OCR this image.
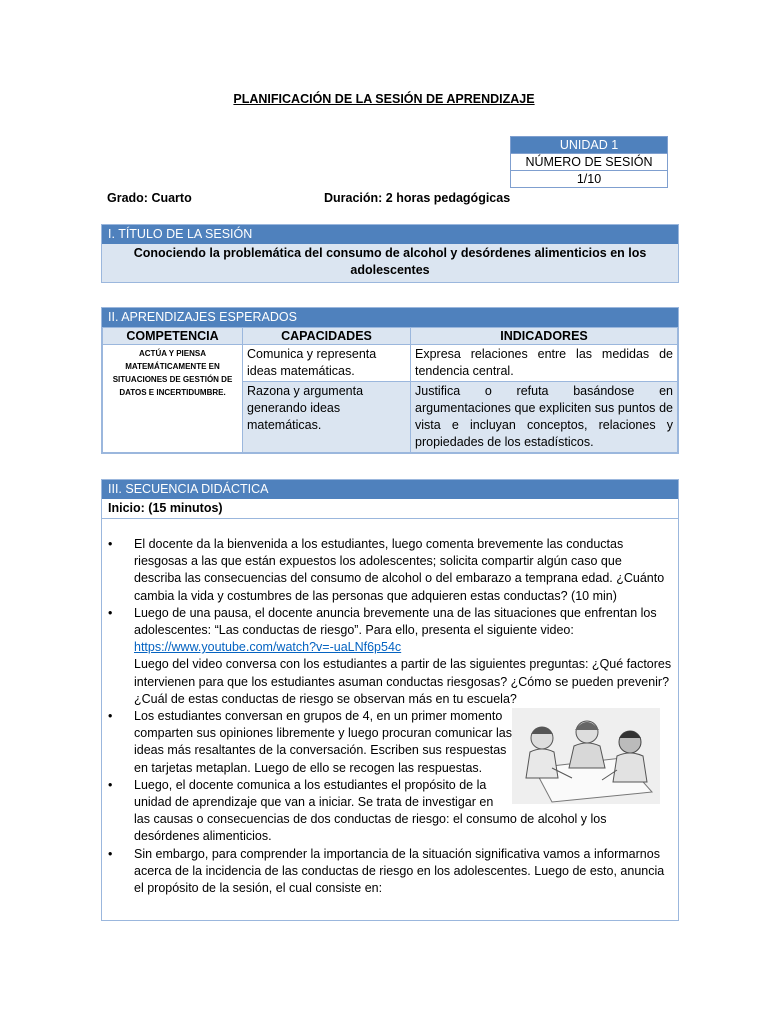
PLANIFICACIÓN DE LA SESIÓN DE APRENDIZAJE
UNIDAD 1
NÚMERO DE SESIÓN
1/10
Grado: Cuarto	Duración: 2 horas pedagógicas
I. TÍTULO DE LA SESIÓN
Conociendo la problemática del consumo de alcohol y desórdenes alimenticios en los adolescentes
II. APRENDIZAJES ESPERADOS
COMPETENCIA	CAPACIDADES	INDICADORES
ACTÚA Y PIENSA MATEMÁTICAMENTE EN SITUACIONES DE GESTIÓN DE DATOS E INCERTIDUMBRE.	Comunica y representa ideas matemáticas.	Expresa relaciones entre las medidas de tendencia central.
	Razona y argumenta generando ideas matemáticas.	Justifica o refuta basándose en argumentaciones que expliciten sus puntos de vista e incluyan conceptos, relaciones y propiedades de los estadísticos.
III. SECUENCIA DIDÁCTICA
Inicio: (15 minutos)
• El docente da la bienvenida a los estudiantes, luego comenta brevemente las conductas riesgosas a las que están expuestos los adolescentes; solicita compartir algún caso que describa las consecuencias del consumo de alcohol o del embarazo a temprana edad. ¿Cuánto cambia la vida y costumbres de las personas que adquieren estas conductas? (10 min)
• Luego de una pausa, el docente anuncia brevemente una de las situaciones que enfrentan los adolescentes: “Las conductas de riesgo”. Para ello, presenta el siguiente video:
https://www.youtube.com/watch?v=-uaLNf6p54c
Luego del video conversa con los estudiantes a partir de las siguientes preguntas: ¿Qué factores intervienen para que los estudiantes asuman conductas riesgosas? ¿Cómo se pueden prevenir? ¿Cuál de estas conductas de riesgo se observan más en tu escuela?
• Los estudiantes conversan en grupos de 4, en un primer momento comparten sus opiniones libremente y luego procuran comunicar las ideas más resaltantes de la conversación. Escriben sus respuestas en tarjetas metaplan. Luego de ello se recogen las respuestas.
• Luego, el docente comunica a los estudiantes el propósito de la unidad de aprendizaje que van a iniciar. Se trata de investigar en las causas o consecuencias de dos conductas de riesgo: el consumo de alcohol y los desórdenes alimenticios.
• Sin embargo, para comprender la importancia de la situación significativa vamos a informarnos acerca de la incidencia de las conductas de riesgo en los adolescentes. Luego de esto, anuncia el propósito de la sesión, el cual consiste en:
